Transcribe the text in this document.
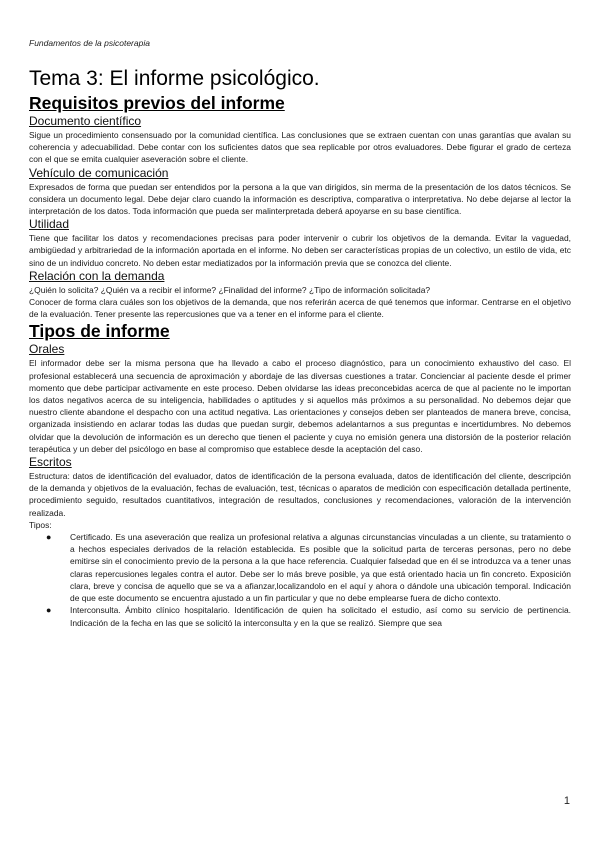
Fundamentos de la psicoterapia
Tema 3: El informe psicológico.
Requisitos previos del informe
Documento científico

Sigue un procedimiento consensuado por la comunidad científica. Las conclusiones que se extraen cuentan con unas garantías que avalan su coherencia y adecuabilidad. Debe contar con los suficientes datos que sea replicable por otros evaluadores. Debe figurar el grado de certeza con el que se emita cualquier aseveración sobre el cliente.

Vehículo de comunicación

Expresados de forma que puedan ser entendidos por la persona a la que van dirigidos, sin merma de la presentación de los datos técnicos. Se considera un documento legal. Debe dejar claro cuando la información es descriptiva, comparativa o interpretativa. No debe dejarse al lector la interpretación de los datos. Toda información que pueda ser malinterpretada deberá apoyarse en su base científica.

Utilidad

Tiene que facilitar los datos y recomendaciones precisas para poder intervenir o cubrir los objetivos de la demanda. Evitar la vaguedad, ambigüedad y arbitrariedad de la información aportada en el informe. No deben ser características propias de un colectivo, un estilo de vida, etc sino de un individuo concreto. No deben estar mediatizados por la información previa que se conozca del cliente.

Relación con la demanda

¿Quién lo solicita? ¿Quién va a recibir el informe? ¿Finalidad del informe? ¿Tipo de información solicitada?

Conocer de forma clara cuáles son los objetivos de la demanda, que nos referirán acerca de qué tenemos que informar. Centrarse en el objetivo de la evaluación. Tener presente las repercusiones que va a tener en el informe para el cliente.

Tipos de informe
Orales

El informador debe ser la misma persona que ha llevado a cabo el proceso diagnóstico, para un conocimiento exhaustivo del caso. El profesional establecerá una secuencia de aproximación y abordaje de las diversas cuestiones a tratar. Concienciar al paciente desde el primer momento que debe participar activamente en este proceso. Deben olvidarse las ideas preconcebidas acerca de que al paciente no le importan los datos negativos acerca de su inteligencia, habilidades o aptitudes y si aquellos más próximos a su personalidad. No debemos dejar que nuestro cliente abandone el despacho con una actitud negativa. Las orientaciones y consejos deben ser planteados de manera breve, concisa, organizada insistiendo en aclarar todas las dudas que puedan surgir, debemos adelantarnos a sus preguntas e incertidumbres. No debemos olvidar que la devolución de información es un derecho que tienen el paciente y cuya no emisión genera una distorsión de la posterior relación terapéutica y un deber del psicólogo en base al compromiso que establece desde la aceptación del caso.

Escritos

Estructura: datos de identificación del evaluador, datos de identificación de la persona evaluada, datos de identificación del cliente, descripción de la demanda y objetivos de la evaluación, fechas de evaluación, test, técnicas o aparatos de medición con especificación detallada pertinente, procedimiento seguido, resultados cuantitativos, integración de resultados, conclusiones y recomendaciones, valoración de la intervención realizada.

Tipos:

● Certificado. Es una aseveración que realiza un profesional relativa a algunas circunstancias vinculadas a un cliente, su tratamiento o a hechos especiales derivados de la relación establecida. Es posible que la solicitud parta de terceras personas, pero no debe emitirse sin el conocimiento previo de la persona a la que hace referencia. Cualquier falsedad que en él se introduzca va a tener unas claras repercusiones legales contra el autor. Debe ser lo más breve posible, ya que está orientado hacia un fin concreto. Exposición clara, breve y concisa de aquello que se va a afianzar,localizandolo en el aquí y ahora o dándole una ubicación temporal. Indicación de que este documento se encuentra ajustado a un fin particular y que no debe emplearse fuera de dicho contexto.

● Interconsulta. Ámbito clínico hospitalario. Identificación de quien ha solicitado el estudio, así como su servicio de pertinencia. Indicación de la fecha en las que se solicitó la interconsulta y en la que se realizó. Siempre que sea

1
